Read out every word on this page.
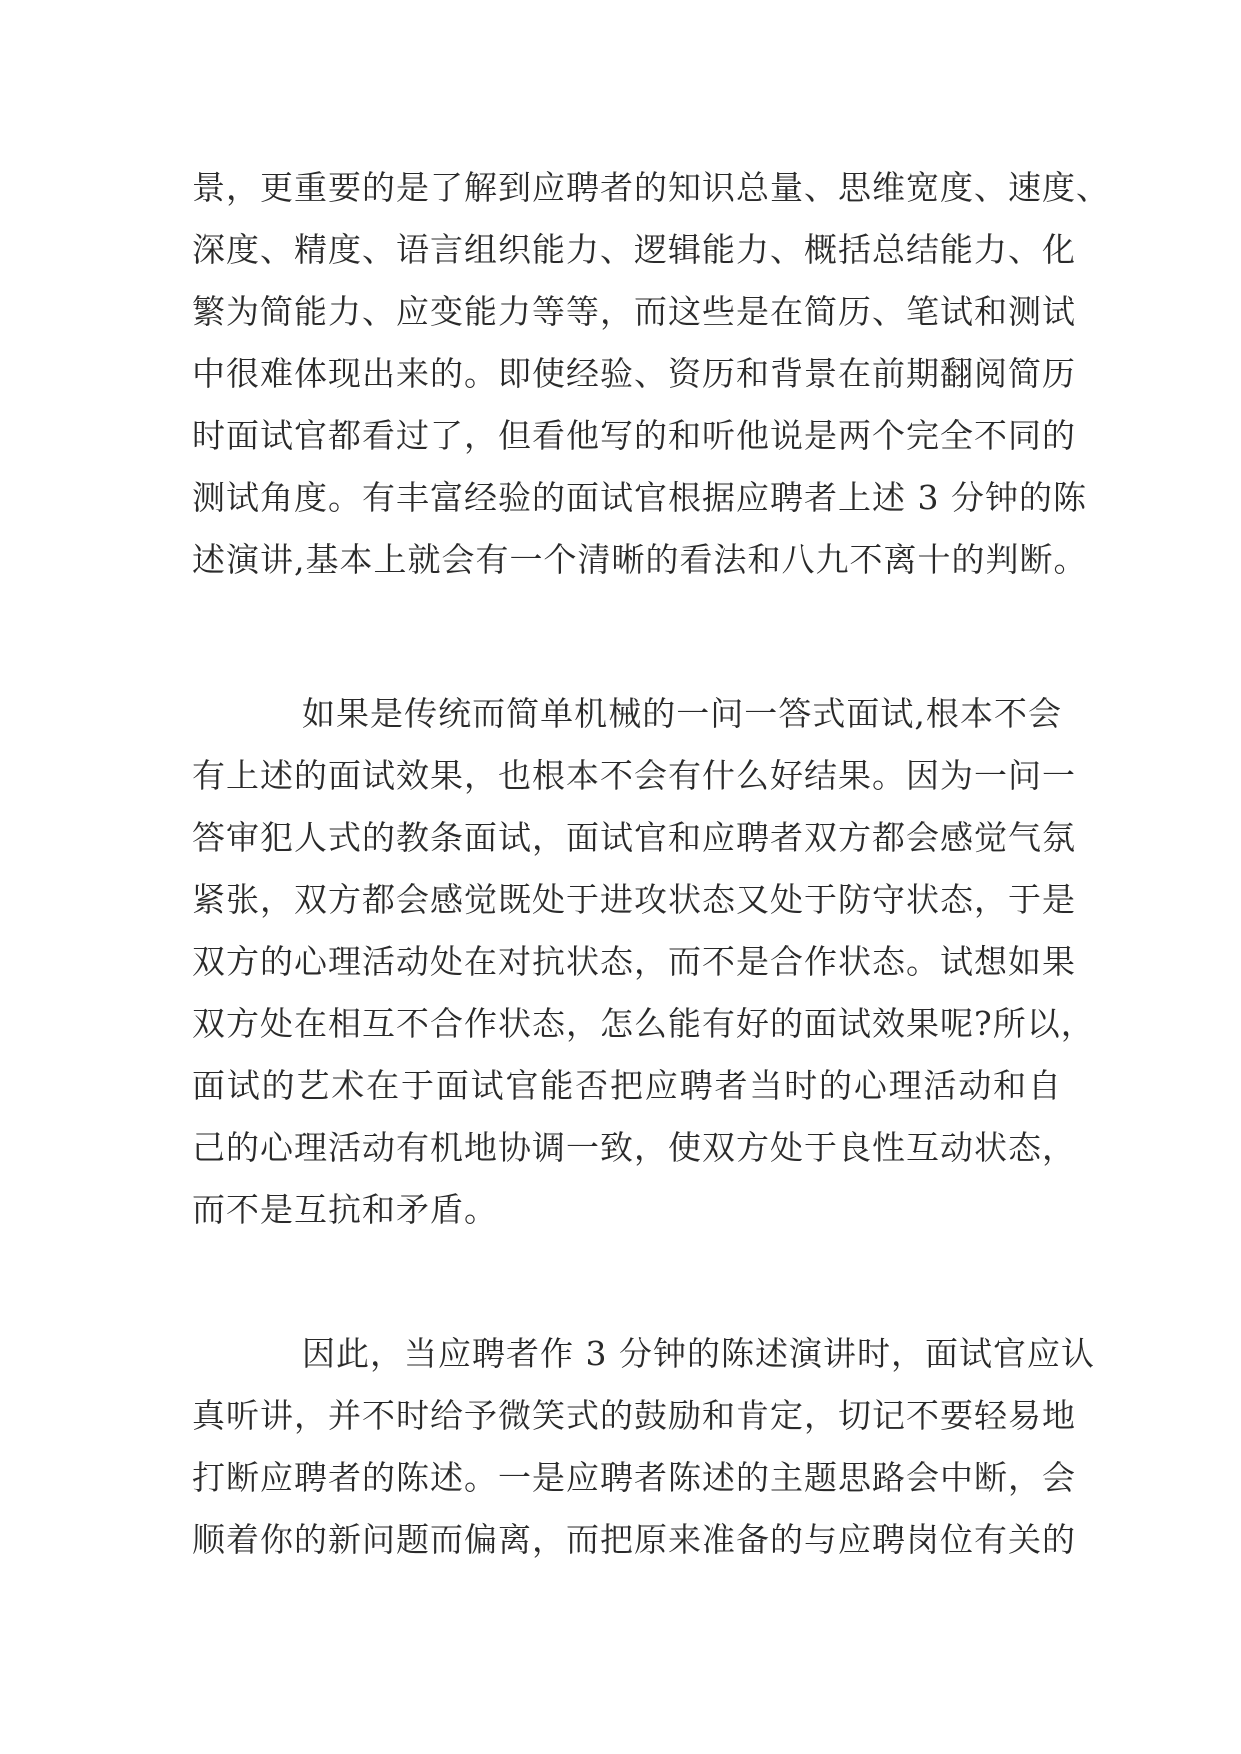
景，更重要的是了解到应聘者的知识总量、思维宽度、速度、
深度、精度、语言组织能力、逻辑能力、概括总结能力、化
繁为简能力、应变能力等等，而这些是在简历、笔试和测试
中很难体现出来的。即使经验、资历和背景在前期翻阅简历
时面试官都看过了，但看他写的和听他说是两个完全不同的
测试角度。有丰富经验的面试官根据应聘者上述 3 分钟的陈
述演讲,基本上就会有一个清晰的看法和八九不离十的判断。
如果是传统而简单机械的一问一答式面试,根本不会
有上述的面试效果，也根本不会有什么好结果。因为一问一
答审犯人式的教条面试，面试官和应聘者双方都会感觉气氛
紧张，双方都会感觉既处于进攻状态又处于防守状态，于是
双方的心理活动处在对抗状态，而不是合作状态。试想如果
双方处在相互不合作状态，怎么能有好的面试效果呢?所以，
面试的艺术在于面试官能否把应聘者当时的心理活动和自
己的心理活动有机地协调一致，使双方处于良性互动状态，
而不是互抗和矛盾。
因此，当应聘者作 3 分钟的陈述演讲时，面试官应认
真听讲，并不时给予微笑式的鼓励和肯定，切记不要轻易地
打断应聘者的陈述。一是应聘者陈述的主题思路会中断，会
顺着你的新问题而偏离，而把原来准备的与应聘岗位有关的
